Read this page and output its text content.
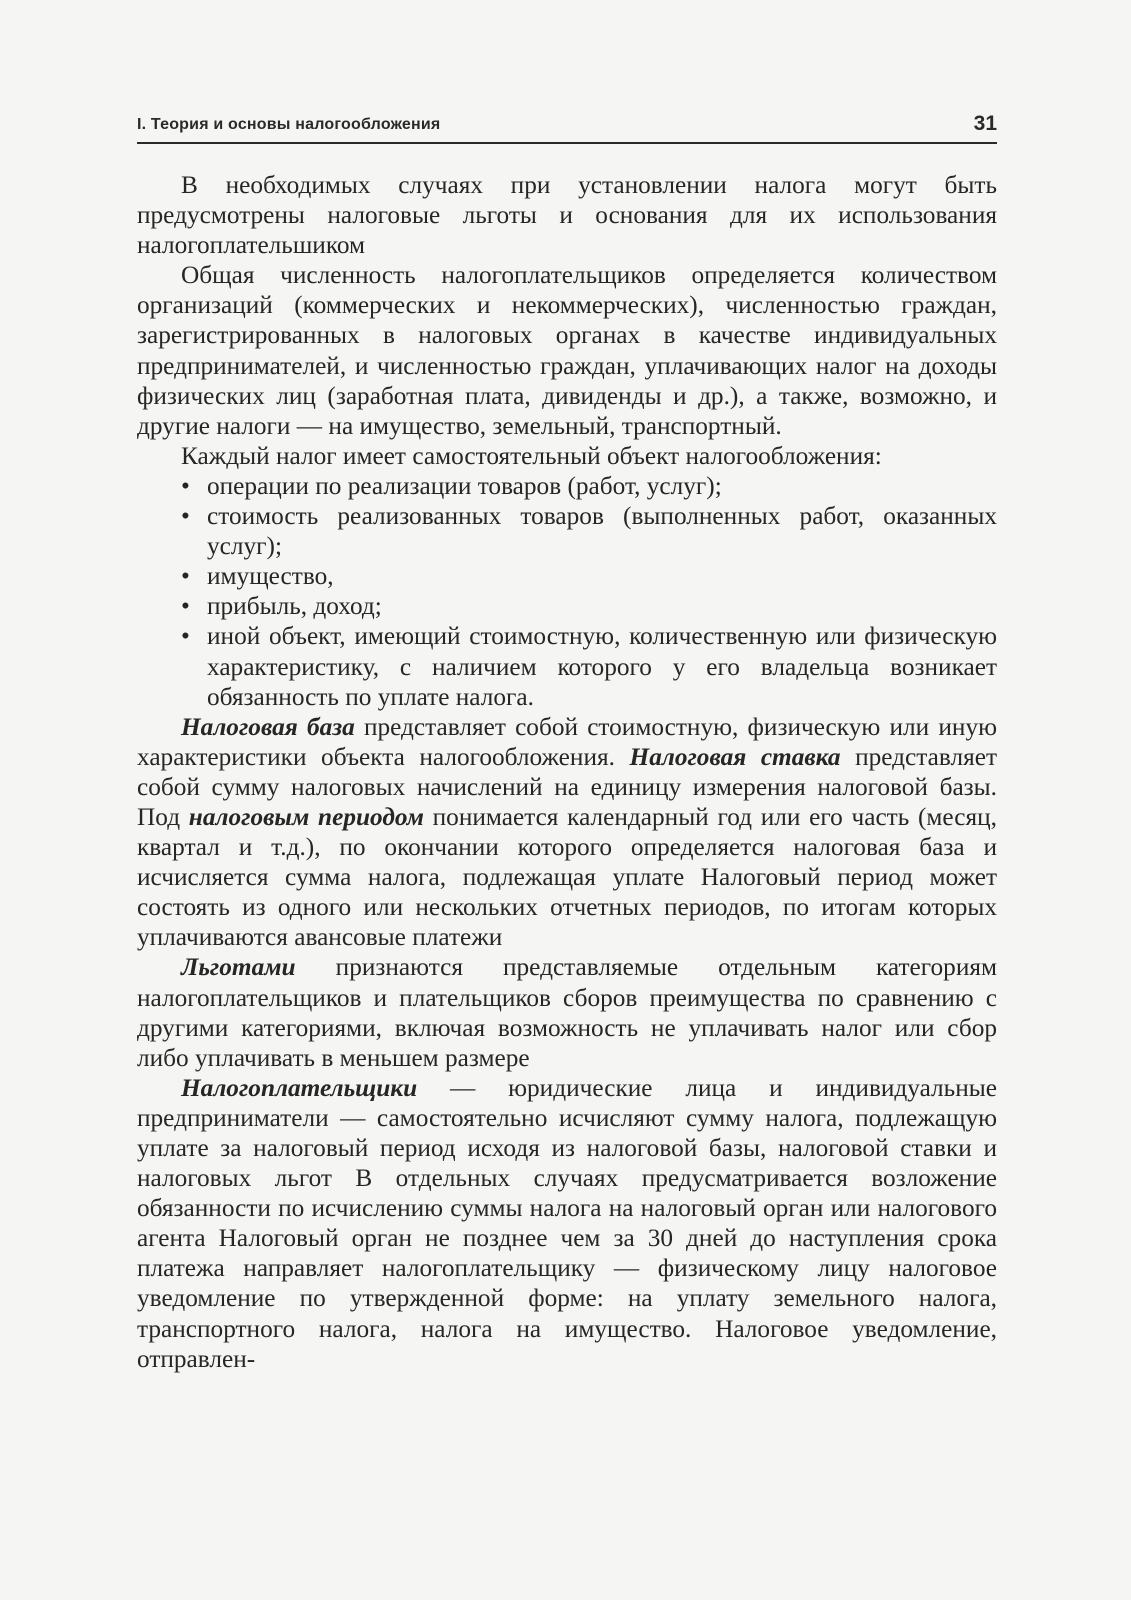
I. Теория и основы налогообложения	31

В необходимых случаях при установлении налога могут быть предусмотрены налоговые льготы и основания для их использования налогоплательшиком

Общая численность налогоплательщиков определяется количеством организаций (коммерческих и некоммерческих), численностью граждан, зарегистрированных в налоговых органах в качестве индивидуальных предпринимателей, и численностью граждан, уплачивающих налог на доходы физических лиц (заработная плата, дивиденды и др.), а также, возможно, и другие налоги — на имущество, земельный, транспортный.

Каждый налог имеет самостоятельный объект налогообложения:

• операции по реализации товаров (работ, услуг);
• стоимость реализованных товаров (выполненных работ, оказанных услуг);
• имущество,
• прибыль, доход;
• иной объект, имеющий стоимостную, количественную или физическую характеристику, с наличием которого у его владельца возникает обязанность по уплате налога.

Налоговая база представляет собой стоимостную, физическую или иную характеристики объекта налогообложения. Налоговая ставка представляет собой сумму налоговых начислений на единицу измерения налоговой базы. Под налоговым периодом понимается календарный год или его часть (месяц, квартал и т.д.), по окончании которого определяется налоговая база и исчисляется сумма налога, подлежащая уплате Налоговый период может состоять из одного или нескольких отчетных периодов, по итогам которых уплачиваются авансовые платежи

Льготами признаются представляемые отдельным категориям налогоплательщиков и плательщиков сборов преимущества по сравнению с другими категориями, включая возможность не уплачивать налог или сбор либо уплачивать в меньшем размере

Налогоплательщики — юридические лица и индивидуальные предприниматели — самостоятельно исчисляют сумму налога, подлежащую уплате за налоговый период исходя из налоговой базы, налоговой ставки и налоговых льгот В отдельных случаях предусматривается возложение обязанности по исчислению суммы налога на налоговый орган или налогового агента Налоговый орган не позднее чем за 30 дней до наступления срока платежа направляет налогоплательщику — физическому лицу налоговое уведомление по утвержденной форме: на уплату земельного налога, транспортного налога, налога на имущество. Налоговое уведомление, отправлен-
